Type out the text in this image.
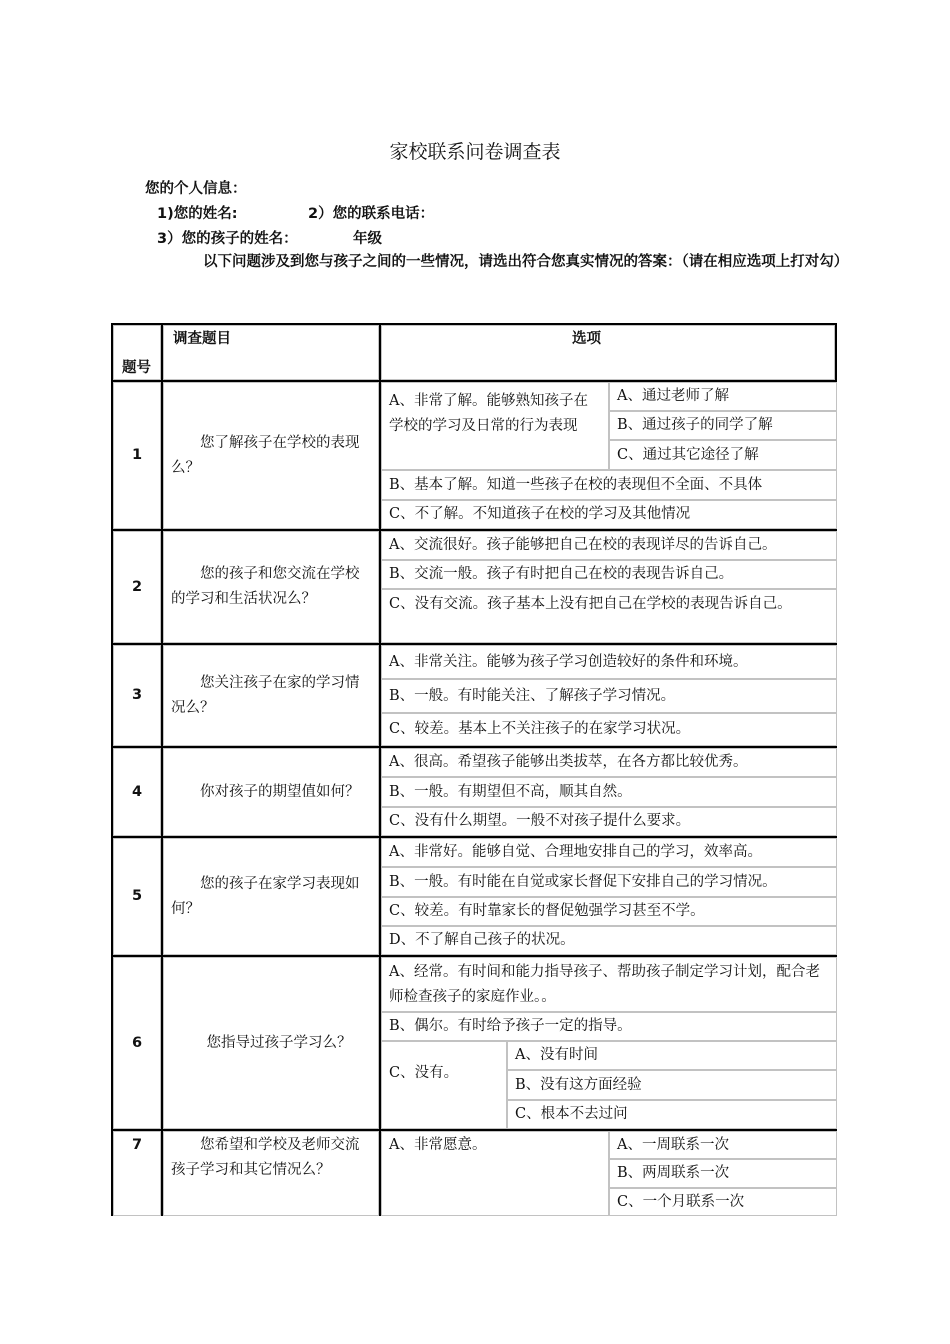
家校联系问卷调查表
您的个人信息：
1)您的姓名:	2）您的联系电话：
3）您的孩子的姓名：	年级
以下问题涉及到您与孩子之间的一些情况，请选出符合您真实情况的答案：（请在相应选项上打对勾）
题号
调查题目	选项
1
您了解孩子在学校的表现么？
A、非常了解。能够熟知孩子在学校的学习及日常的行为表现
A、通过老师了解
B、通过孩子的同学了解
C、通过其它途径了解
B、基本了解。知道一些孩子在校的表现但不全面、不具体
C、不了解。不知道孩子在校的学习及其他情况
2
您的孩子和您交流在学校的学习和生活状况么？
A、交流很好。孩子能够把自己在校的表现详尽的告诉自己。
B、交流一般。孩子有时把自己在校的表现告诉自己。
C、没有交流。孩子基本上没有把自己在学校的表现告诉自己。
3
您关注孩子在家的学习情况么？
A、非常关注。能够为孩子学习创造较好的条件和环境。
B、一般。有时能关注、了解孩子学习情况。
C、较差。基本上不关注孩子的在家学习状况。
4	你对孩子的期望值如何？
A、很高。希望孩子能够出类拔萃，在各方都比较优秀。
B、一般。有期望但不高，顺其自然。
C、没有什么期望。一般不对孩子提什么要求。
5
您的孩子在家学习表现如何？
A、非常好。能够自觉、合理地安排自己的学习，效率高。
B、一般。有时能在自觉或家长督促下安排自己的学习情况。
C、较差。有时靠家长的督促勉强学习甚至不学。
D、不了解自己孩子的状况。
6	您指导过孩子学习么？
A、经常。有时间和能力指导孩子、帮助孩子制定学习计划，配合老师检查孩子的家庭作业。。
B、偶尔。有时给予孩子一定的指导。
C、没有。
A、没有时间
B、没有这方面经验
C、根本不去过问
7	您希望和学校及老师交流孩子学习和其它情况么？
A、非常愿意。	A、一周联系一次
B、两周联系一次
C、一个月联系一次
